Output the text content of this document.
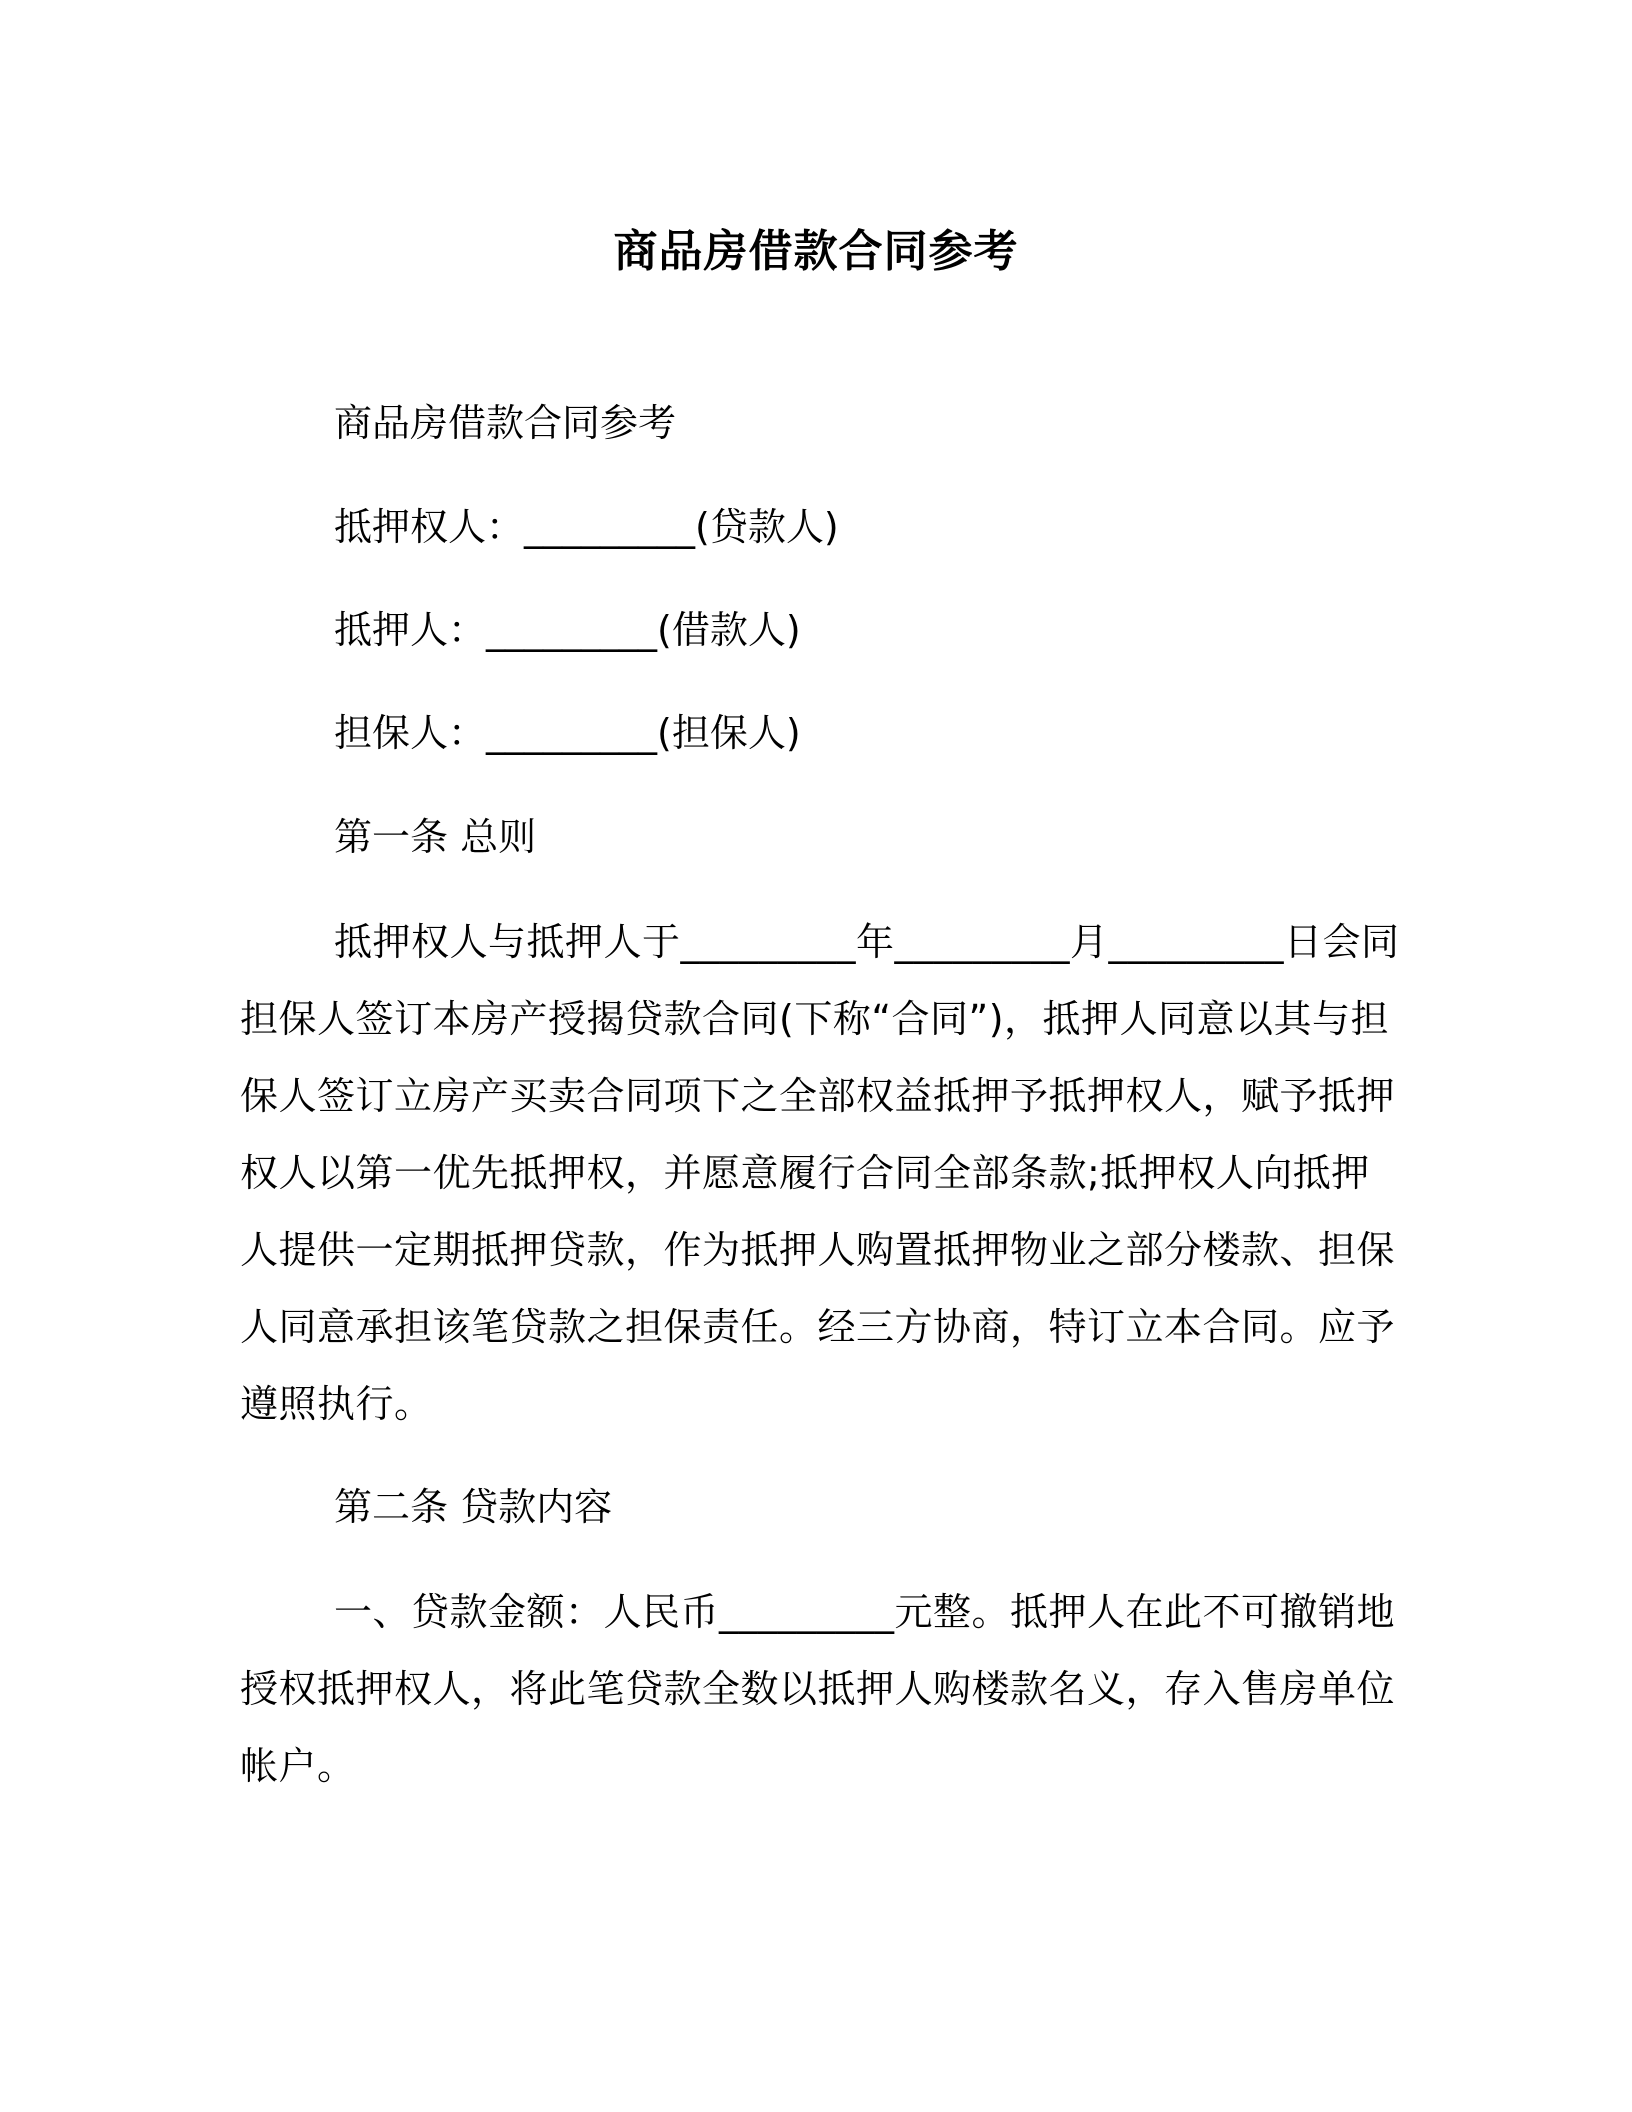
商品房借款合同参考
商品房借款合同参考
抵押权人：_________(贷款人)
抵押人：_________(借款人)
担保人：_________(担保人)
第一条 总则

抵押权人与抵押人于_________年_________月_________日会同担保人签订本房产授揭贷款合同(下称“合同”)，抵押人同意以其与担保人签订立房产买卖合同项下之全部权益抵押予抵押权人，赋予抵押权人以第一优先抵押权，并愿意履行合同全部条款;抵押权人向抵押人提供一定期抵押贷款，作为抵押人购置抵押物业之部分楼款、担保人同意承担该笔贷款之担保责任。经三方协商，特订立本合同。应予遵照执行。

第二条 贷款内容

一、贷款金额：人民币_________元整。抵押人在此不可撤销地授权抵押权人，将此笔贷款全数以抵押人购楼款名义，存入售房单位帐户。
